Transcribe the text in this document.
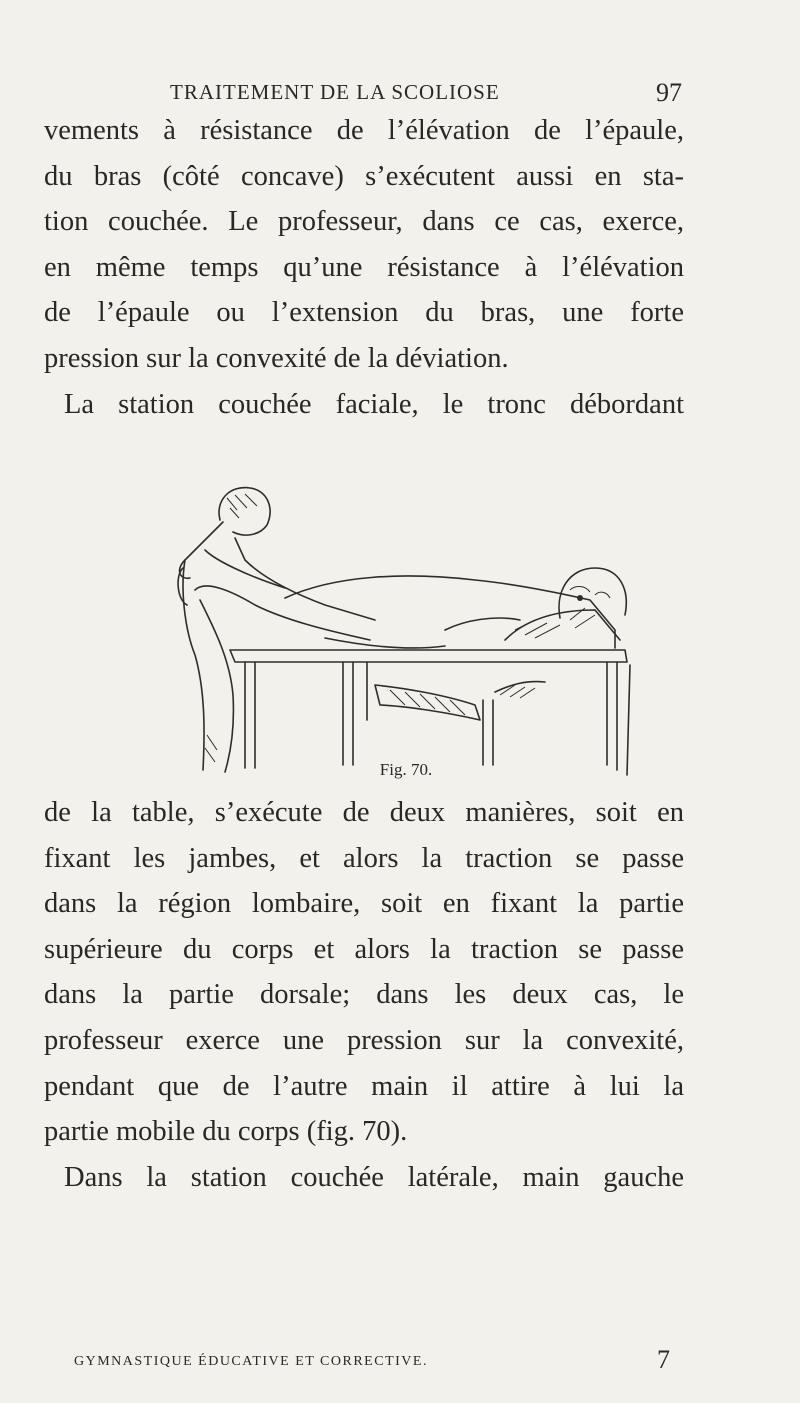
TRAITEMENT DE LA SCOLIOSE	97
vements à résistance de l’élévation de l’épaule,
du bras (côté concave) s’exécutent aussi en sta-
tion couchée. Le professeur, dans ce cas, exerce,
en même temps qu’une résistance à l’élévation
de l’épaule ou l’extension du bras, une forte
pression sur la convexité de la déviation.
La station couchée faciale, le tronc débordant
Fig. 70.
de la table, s’exécute de deux manières, soit en
fixant les jambes, et alors la traction se passe
dans la région lombaire, soit en fixant la partie
supérieure du corps et alors la traction se passe
dans la partie dorsale; dans les deux cas, le
professeur exerce une pression sur la convexité,
pendant que de l’autre main il attire à lui la
partie mobile du corps (fig. 70).
Dans la station couchée latérale, main gauche
GYMNASTIQUE ÉDUCATIVE ET CORRECTIVE.	7
